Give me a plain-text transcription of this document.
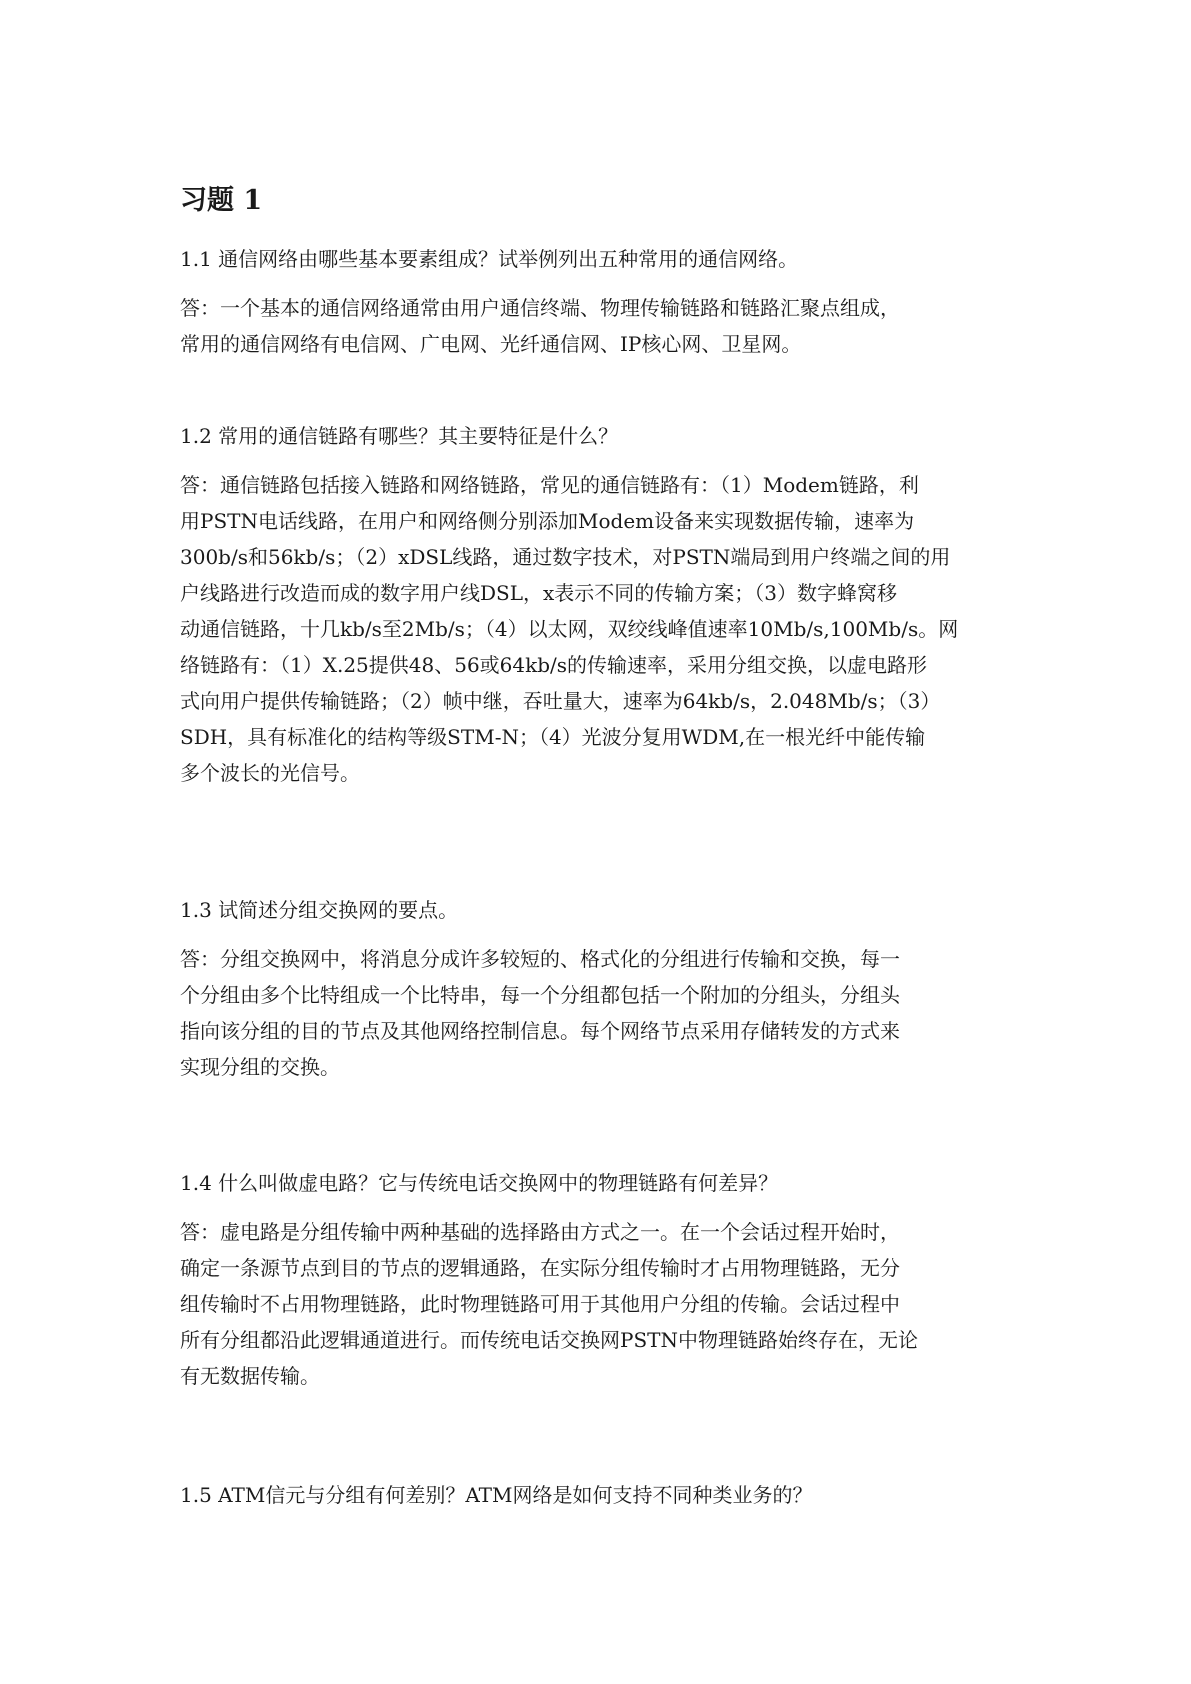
习题 1

1.1 通信网络由哪些基本要素组成？试举例列出五种常用的通信网络。

答：一个基本的通信网络通常由用户通信终端、物理传输链路和链路汇聚点组成，
常用的通信网络有电信网、广电网、光纤通信网、IP核心网、卫星网。

1.2 常用的通信链路有哪些？其主要特征是什么？

答：通信链路包括接入链路和网络链路，常见的通信链路有：（1）Modem链路，利
用PSTN电话线路，在用户和网络侧分别添加Modem设备来实现数据传输，速率为
300b/s和56kb/s；（2）xDSL线路，通过数字技术，对PSTN端局到用户终端之间的用
户线路进行改造而成的数字用户线DSL，x表示不同的传输方案；（3）数字蜂窝移
动通信链路，十几kb/s至2Mb/s；（4）以太网，双绞线峰值速率10Mb/s,100Mb/s。网
络链路有：（1）X.25提供48、56或64kb/s的传输速率，采用分组交换，以虚电路形
式向用户提供传输链路；（2）帧中继，吞吐量大，速率为64kb/s，2.048Mb/s；（3）
SDH，具有标准化的结构等级STM-N；（4）光波分复用WDM,在一根光纤中能传输
多个波长的光信号。

1.3 试简述分组交换网的要点。

答：分组交换网中，将消息分成许多较短的、格式化的分组进行传输和交换，每一
个分组由多个比特组成一个比特串，每一个分组都包括一个附加的分组头，分组头
指向该分组的目的节点及其他网络控制信息。每个网络节点采用存储转发的方式来
实现分组的交换。

1.4 什么叫做虚电路？它与传统电话交换网中的物理链路有何差异？

答：虚电路是分组传输中两种基础的选择路由方式之一。在一个会话过程开始时，
确定一条源节点到目的节点的逻辑通路，在实际分组传输时才占用物理链路，无分
组传输时不占用物理链路，此时物理链路可用于其他用户分组的传输。会话过程中
所有分组都沿此逻辑通道进行。而传统电话交换网PSTN中物理链路始终存在，无论
有无数据传输。

1.5 ATM信元与分组有何差别？ATM网络是如何支持不同种类业务的？
